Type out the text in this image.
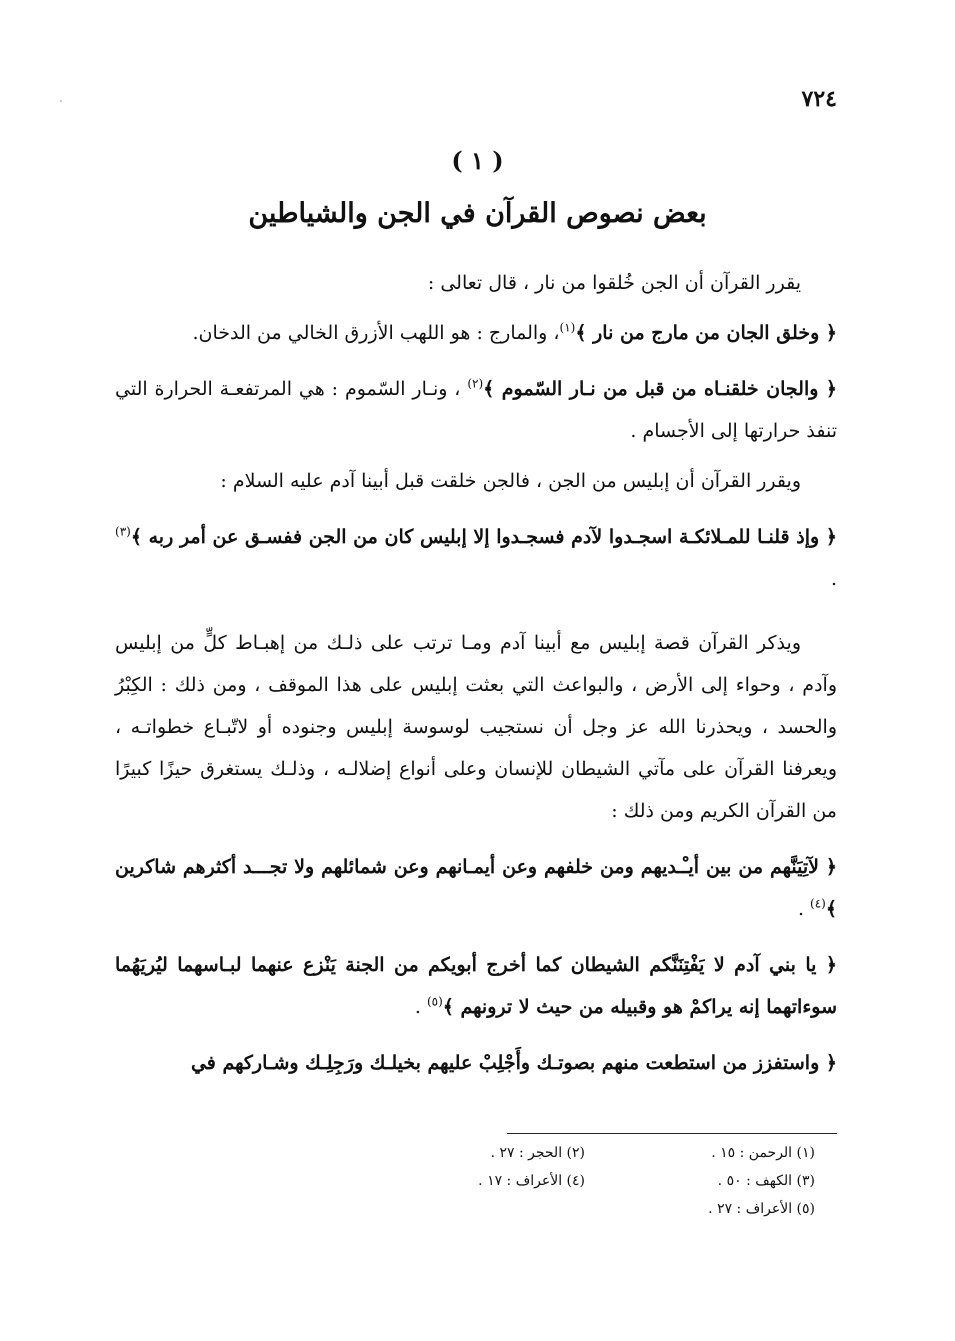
٧٢٤

( ١ )

بعض نصوص القرآن في الجن والشياطين

يقرر القرآن أن الجن خُلقوا من نار ، قال تعالى :

﴿ وخلق الجان من مارج من نار ﴾$^{(١)}$، والمارج : هو اللهب الأزرق الخالي من الدخان.

﴿ والجان خلقنـاه من قبل من نـار السّموم ﴾$^{(٢)}$ ، ونـار السّموم : هي المرتفعـة الحرارة التي تنفذ حرارتها إلى الأجسام .

ويقرر القرآن أن إبليس من الجن ، فالجن خلقت قبل أبينا آدم عليه السلام :

﴿ وإذ قلنـا للمـلائكـة اسجـدوا لآدم فسجـدوا إلا إبليس كان من الجن ففسـق عن أمر ربه ﴾$^{(٣)}$ .

ويذكر القرآن قصة إبليس مع أبينا آدم ومـا ترتب على ذلـك من إهبـاط كلٍّ من إبليس وآدم ، وحواء إلى الأرض ، والبواعث التي بعثت إبليس على هذا الموقف ، ومن ذلك : الكِبْرُ والحسد ، ويحذرنا الله عز وجل أن نستجيب لوسوسة إبليس وجنوده أو لاتّبـاع خطواتـه ، ويعرفنا القرآن على مآتي الشيطان للإنسان وعلى أنواع إضلالـه ، وذلـك يستغرق حيزًا كبيرًا من القرآن الكريم ومن ذلك :

﴿ لآتِيَنَّهم من بين أيـْـديهم ومن خلفهم وعن أيمـانهم وعن شمائلهم ولا تجـــد أكثرهم شاكرين ﴾$^{(٤)}$ .

﴿ يا بني آدم لا يَفْتِنَنَّكم الشيطان كما أخرج أبويكم من الجنة يَنْزع عنهما لبـاسهما ليُريَهُما سوءاتهما إنه يراكمْ هو وقبيله من حيث لا ترونهم ﴾$^{(٥)}$ .

﴿ واستفزز من استطعت منهم بصوتـك وأَجْلِبْ عليهم بخيلـك ورَجِلِـك وشـاركهم في

(١) الرحمن : ١٥ .

(٢) الحجر : ٢٧ .

(٣) الكهف : ٥٠ .

(٤) الأعراف : ١٧ .

(٥) الأعراف : ٢٧ .
